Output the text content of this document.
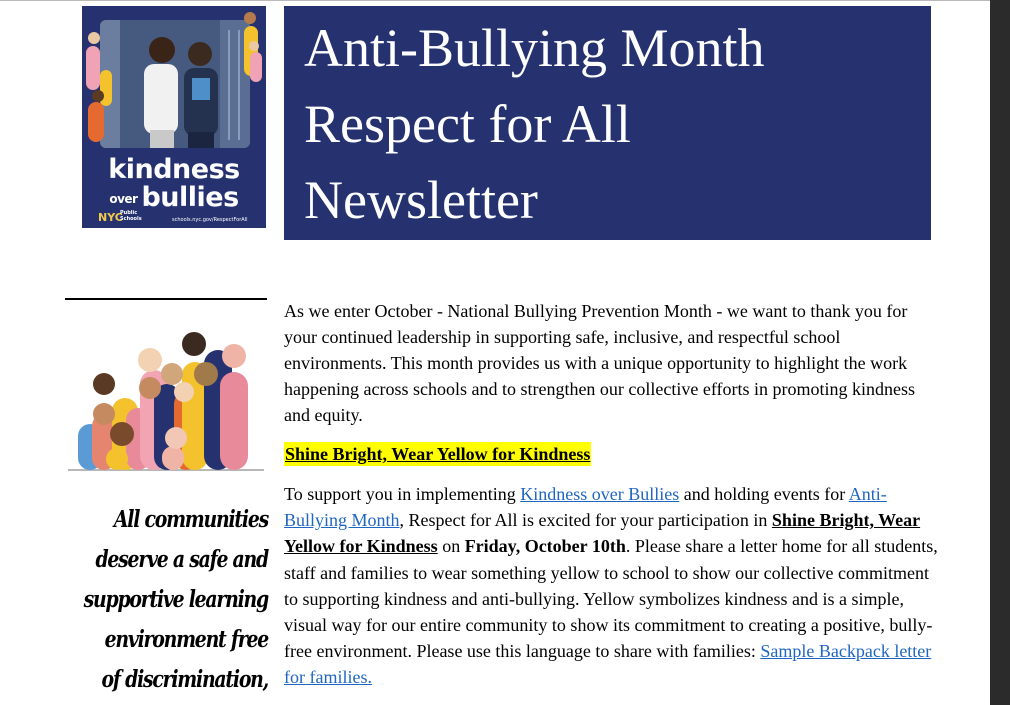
kindness
over bullies
NYC
Public
Schools	schools.nyc.gov/RespectForAll
Anti-Bullying Month
Respect for All
Newsletter
All communities
deserve a safe and
supportive learning
environment free
of discrimination,

As we enter October - National Bullying Prevention Month - we want to thank you for your continued leadership in supporting safe, inclusive, and respectful school environments. This month provides us with a unique opportunity to highlight the work happening across schools and to strengthen our collective efforts in promoting kindness and equity.

Shine Bright, Wear Yellow for Kindness

To support you in implementing Kindness over Bullies and holding events for Anti-Bullying Month, Respect for All is excited for your participation in Shine Bright, Wear Yellow for Kindness on Friday, October 10th. Please share a letter home for all students, staff and families to wear something yellow to school to show our collective commitment to supporting kindness and anti-bullying. Yellow symbolizes kindness and is a simple, visual way for our entire community to show its commitment to creating a positive, bully-free environment. Please use this language to share with families: Sample Backpack letter for families.
